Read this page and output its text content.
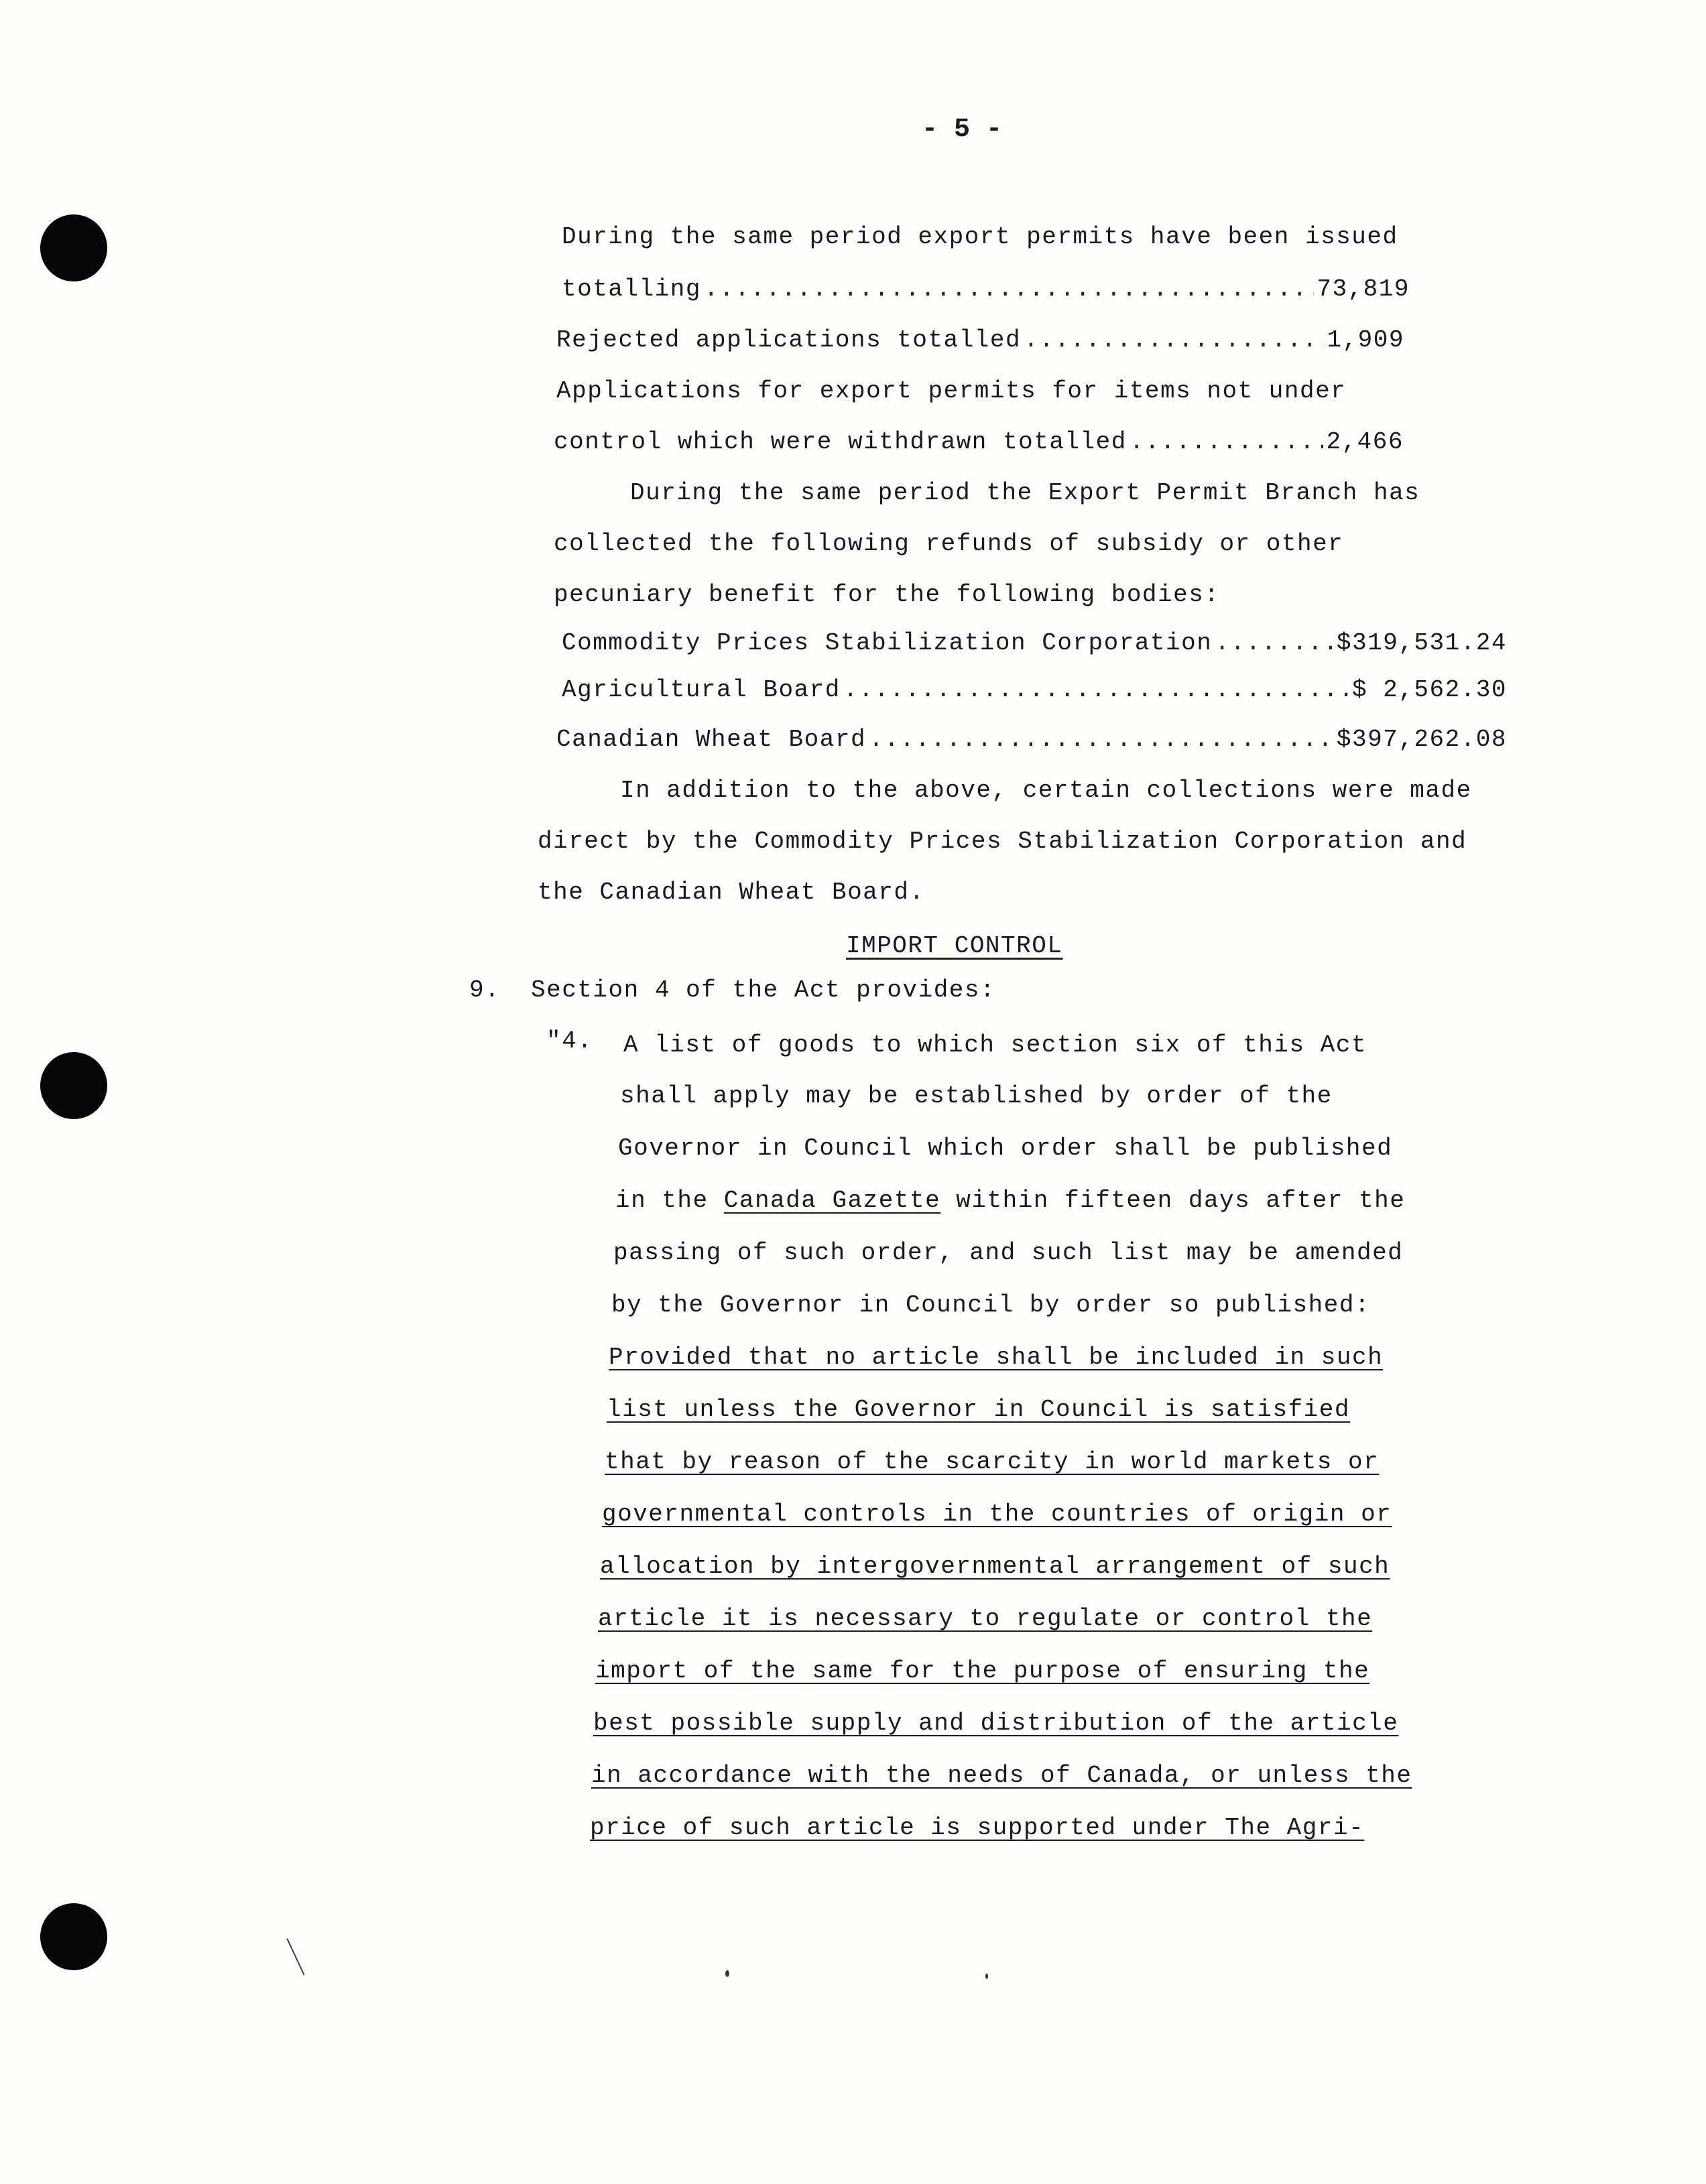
- 5 -
During the same period export permits have been issued
totalling .....	73,819
Rejected applications totalled .....	1,909
Applications for export permits for items not under
control which were withdrawn totalled .....	2,466
During the same period the Export Permit Branch has
collected the following refunds of subsidy or other
pecuniary benefit for the following bodies:
Commodity Prices Stabilization Corporation .....	$319,531.24
Agricultural Board .....	$ 2,562.30
Canadian Wheat Board .....	$397,262.08
In addition to the above, certain collections were made
direct by the Commodity Prices Stabilization Corporation and
the Canadian Wheat Board.
IMPORT CONTROL
9. Section 4 of the Act provides:
"4. A list of goods to which section six of this Act
shall apply may be established by order of the
Governor in Council which order shall be published
in the Canada Gazette within fifteen days after the
passing of such order, and such list may be amended
by the Governor in Council by order so published:
Provided that no article shall be included in such
list unless the Governor in Council is satisfied
that by reason of the scarcity in world markets or
governmental controls in the countries of origin or
allocation by intergovernmental arrangement of such
article it is necessary to regulate or control the
import of the same for the purpose of ensuring the
best possible supply and distribution of the article
in accordance with the needs of Canada, or unless the
price of such article is supported under The Agri-
